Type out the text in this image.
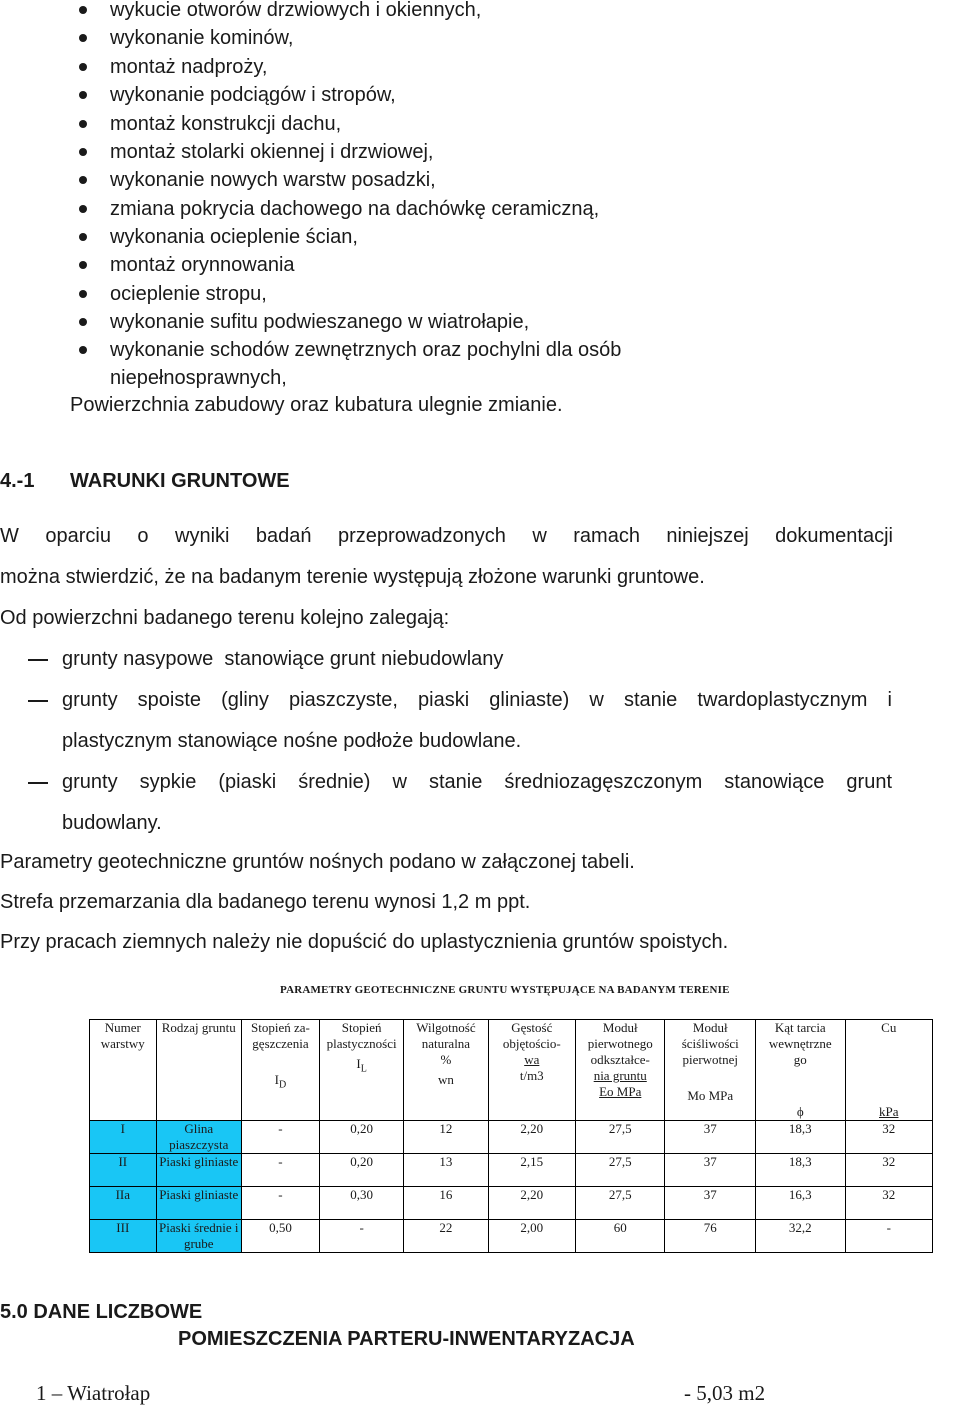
wykucie otworów drzwiowych i okiennych,
wykonanie kominów,
montaż nadproży,
wykonanie podciągów i stropów,
montaż konstrukcji dachu,
montaż stolarki okiennej i drzwiowej,
wykonanie nowych warstw posadzki,
zmiana pokrycia dachowego na dachówkę ceramiczną,
wykonania ocieplenie ścian,
montaż orynnowania
ocieplenie stropu,
wykonanie sufitu podwieszanego w wiatrołapie,
wykonanie schodów zewnętrznych oraz pochylni dla osób
niepełnosprawnych,
Powierzchnia zabudowy oraz kubatura ulegnie zmianie.
4.-1 WARUNKI GRUNTOWE
W oparciu o wyniki badań przeprowadzonych w ramach niniejszej dokumentacji
można stwierdzić, że na badanym terenie występują złożone warunki gruntowe.
Od powierzchni badanego terenu kolejno zalegają:
grunty nasypowe  stanowiące grunt niebudowlany
grunty spoiste (gliny piaszczyste, piaski gliniaste) w stanie twardoplastycznym i
plastycznym stanowiące nośne podłoże budowlane.
grunty sypkie (piaski średnie) w stanie średniozagęszczonym stanowiące grunt
budowlany.
Parametry geotechniczne gruntów nośnych podano w załączonej tabeli.
Strefa przemarzania dla badanego terenu wynosi 1,2 m ppt.
Przy pracach ziemnych należy nie dopuścić do uplastycznienia gruntów spoistych.
PARAMETRY GEOTECHNICZNE GRUNTU WYSTĘPUJĄCE NA BADANYM TERENIE
Numer
warstwy	Rodzaj gruntu	Stopień za-
gęszczenia
$I_D$	Stopień
plastyczności
$I_L$	Wilgotność
naturalna
%
wn	Gęstość
objętościo-
wa
t/m3	Moduł
pierwotnego
odkształce-
nia gruntu
Eo MPa	Moduł
ściśliwości
pierwotnej
Mo MPa	Kąt tarcia
wewnętrzne
go
ϕ	Cu
kPa

I	Glina piaszczysta	-	0,20	12	2,20	27,5	37	18,3	32
II	Piaski gliniaste	-	0,20	13	2,15	27,5	37	18,3	32
IIa	Piaski gliniaste	-	0,30	16	2,20	27,5	37	16,3	32
III	Piaski średnie i grube	0,50	-	22	2,00	60	76	32,2	-
5.0 DANE LICZBOWE
POMIESZCZENIA PARTERU-INWENTARYZACJA
1 – Wiatrołap	- 5,03 m2
